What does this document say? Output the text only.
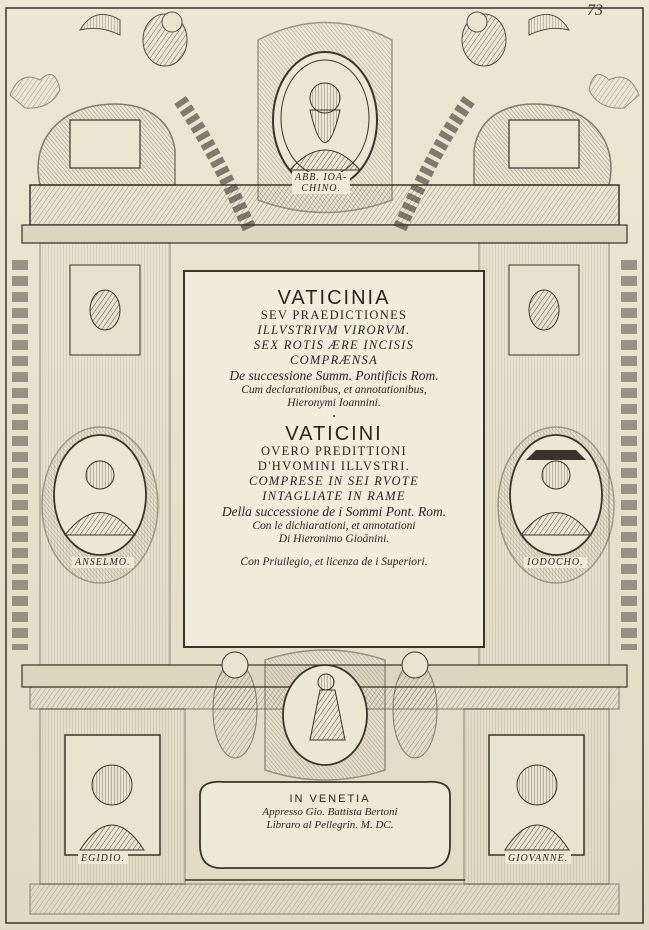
73
ABB. IOA-
CHINO.
ANSELMO.	IODOCHO.
EGIDIO.	GIOVANNE.

VATICINIA

SEV PRAEDICTIONES

ILLVSTRIVM VIRORVM.

SEX ROTIS ÆRE INCISIS

COMPRÆNSA

De successione Summ. Pontificis Rom.

Cum declarationibus, et annotationibus,

Hieronymi Ioannini.

•

VATICINI

OVERO PREDITTIONI

D'HVOMINI ILLVSTRI.

COMPRESE IN SEI RVOTE

INTAGLIATE IN RAME

Della successione de i Sommi Pont. Rom.

Con le dichiarationi, et annotationi

Di Hieronimo Gioānini.

Con Priuilegio, et licenza de i Superiori.

IN VENETIA
Appresso Gio. Battista Bertoni
Libraro al Pellegrin. M. DC.
